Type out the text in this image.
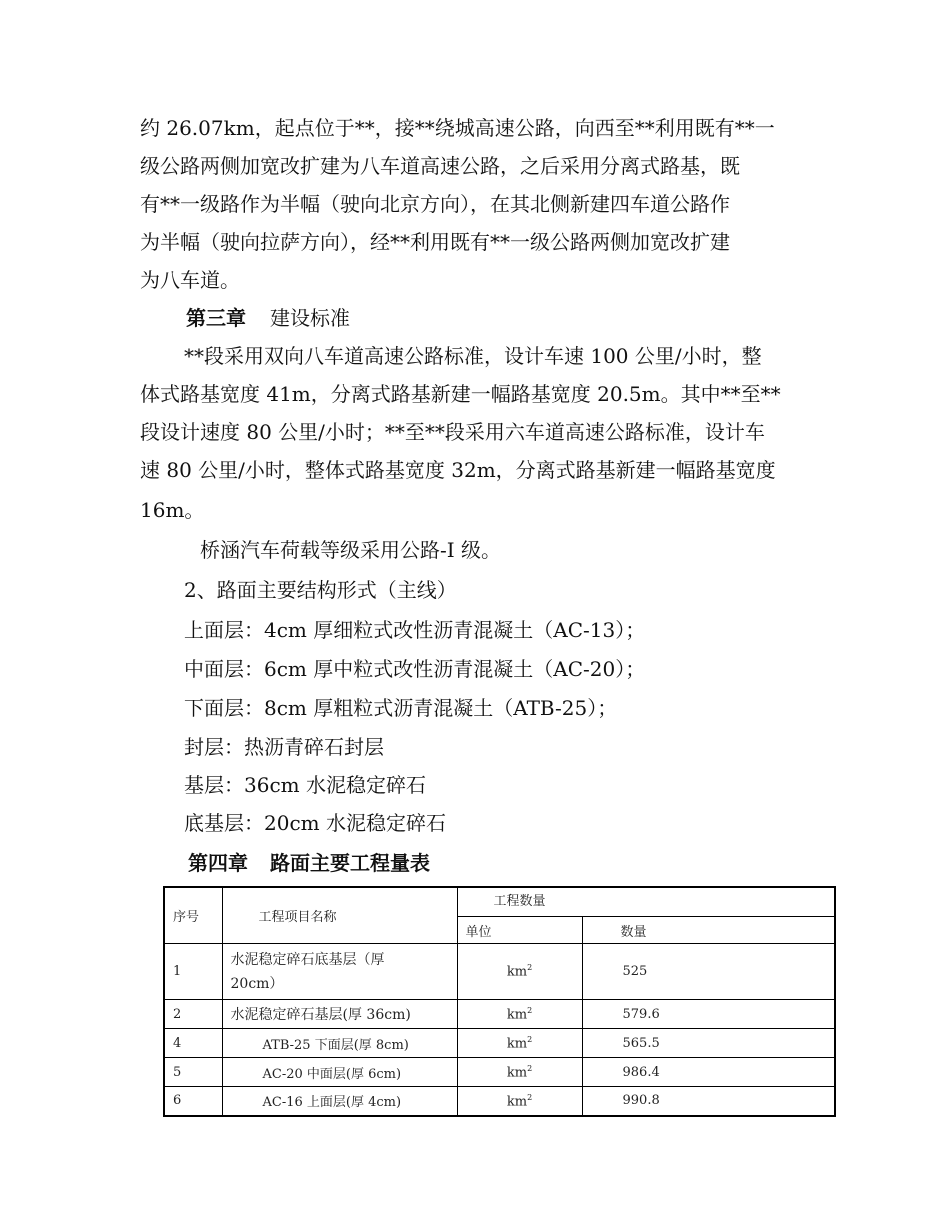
约 26.07km，起点位于**，接**绕城高速公路，向西至**利用既有**一
级公路两侧加宽改扩建为八车道高速公路，之后采用分离式路基，既
有**一级路作为半幅（驶向北京方向），在其北侧新建四车道公路作
为半幅（驶向拉萨方向），经**利用既有**一级公路两侧加宽改扩建
为八车道。
第三章 建设标准
**段采用双向八车道高速公路标准，设计车速 100 公里/小时，整
体式路基宽度 41m，分离式路基新建一幅路基宽度 20.5m。其中**至**
段设计速度 80 公里/小时；**至**段采用六车道高速公路标准，设计车
速 80 公里/小时，整体式路基宽度 32m，分离式路基新建一幅路基宽度
16m。
桥涵汽车荷载等级采用公路-I 级。
2、路面主要结构形式（主线）
上面层：4cm 厚细粒式改性沥青混凝土（AC-13）；
中面层：6cm 厚中粒式改性沥青混凝土（AC-20）；
下面层：8cm 厚粗粒式沥青混凝土（ATB-25）；
封层：热沥青碎石封层
基层：36cm 水泥稳定碎石
底基层：20cm 水泥稳定碎石
第四章 路面主要工程量表
序号	工程项目名称	工程数量	
		单位	数量
1	水泥稳定碎石底基层（厚
20cm）	$km^2$	525
2	水泥稳定碎石基层(厚 36cm)	$km^2$	579.6
4	ATB-25 下面层(厚 8cm)	$km^2$	565.5
5	AC-20 中面层(厚 6cm)	$km^2$	986.4
6	AC-16 上面层(厚 4cm)	$km^2$	990.8
